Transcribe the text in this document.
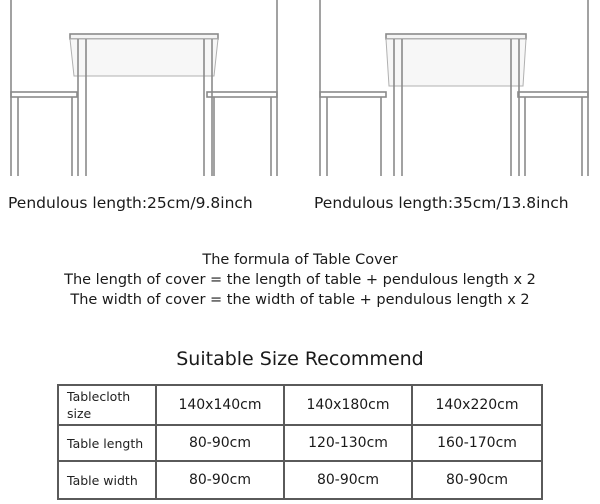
Pendulous length:25cm/9.8inch	Pendulous length:35cm/13.8inch
The formula of Table Cover
The length of cover = the length of table + pendulous length x 2
The width of cover = the width of table + pendulous length x 2
Suitable Size Recommend
Tablecloth
size	140x140cm	140x180cm	140x220cm
Table length	80-90cm	120-130cm	160-170cm
Table width	80-90cm	80-90cm	80-90cm
